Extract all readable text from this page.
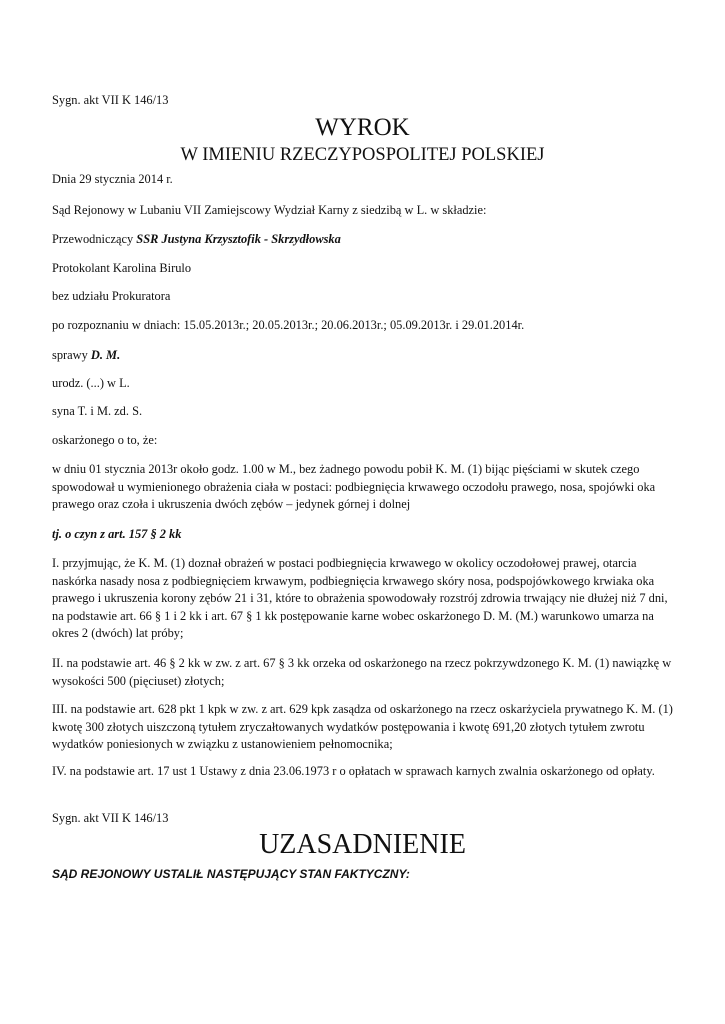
Sygn. akt VII K 146/13

WYROK

W IMIENIU RZECZYPOSPOLITEJ POLSKIEJ

Dnia 29 stycznia 2014 r.

Sąd Rejonowy w Lubaniu VII Zamiejscowy Wydział Karny z siedzibą w L. w składzie:

Przewodniczący SSR Justyna Krzysztofik - Skrzydłowska

Protokolant Karolina Birulo

bez udziału Prokuratora

po rozpoznaniu w dniach: 15.05.2013r.; 20.05.2013r.; 20.06.2013r.; 05.09.2013r. i 29.01.2014r.

sprawy D. M.

urodz. (...) w L.

syna T. i M. zd. S.

oskarżonego o to, że:

w dniu 01 stycznia 2013r około godz. 1.00 w M., bez żadnego powodu pobił K. M. (1) bijąc pięściami w skutek czego spowodował u wymienionego obrażenia ciała w postaci: podbiegnięcia krwawego oczodołu prawego, nosa, spojówki oka prawego oraz czoła i ukruszenia dwóch zębów – jedynek górnej i dolnej

tj. o czyn z art. 157 § 2 kk

I. przyjmując, że K. M. (1) doznał obrażeń w postaci podbiegnięcia krwawego w okolicy oczodołowej prawej, otarcia naskórka nasady nosa z podbiegnięciem krwawym, podbiegnięcia krwawego skóry nosa, podspojówkowego krwiaka oka prawego i ukruszenia korony zębów 21 i 31, które to obrażenia spowodowały rozstrój zdrowia trwający nie dłużej niż 7 dni, na podstawie art. 66 § 1 i 2 kk i art. 67 § 1 kk postępowanie karne wobec oskarżonego D. M. (M.) warunkowo umarza na okres 2 (dwóch) lat próby;

II. na podstawie art. 46 § 2 kk w zw. z art. 67 § 3 kk orzeka od oskarżonego na rzecz pokrzywdzonego K. M. (1) nawiązkę w wysokości 500 (pięciuset) złotych;

III. na podstawie art. 628 pkt 1 kpk w zw. z art. 629 kpk zasądza od oskarżonego na rzecz oskarżyciela prywatnego K. M. (1) kwotę 300 złotych uiszczoną tytułem zryczałtowanych wydatków postępowania i kwotę 691,20 złotych tytułem zwrotu wydatków poniesionych w związku z ustanowieniem pełnomocnika;

IV. na podstawie art. 17 ust 1 Ustawy z dnia 23.06.1973 r o opłatach w sprawach karnych zwalnia oskarżonego od opłaty.

Sygn. akt VII K 146/13

UZASADNIENIE

SĄD REJONOWY USTALIŁ NASTĘPUJĄCY STAN FAKTYCZNY:
